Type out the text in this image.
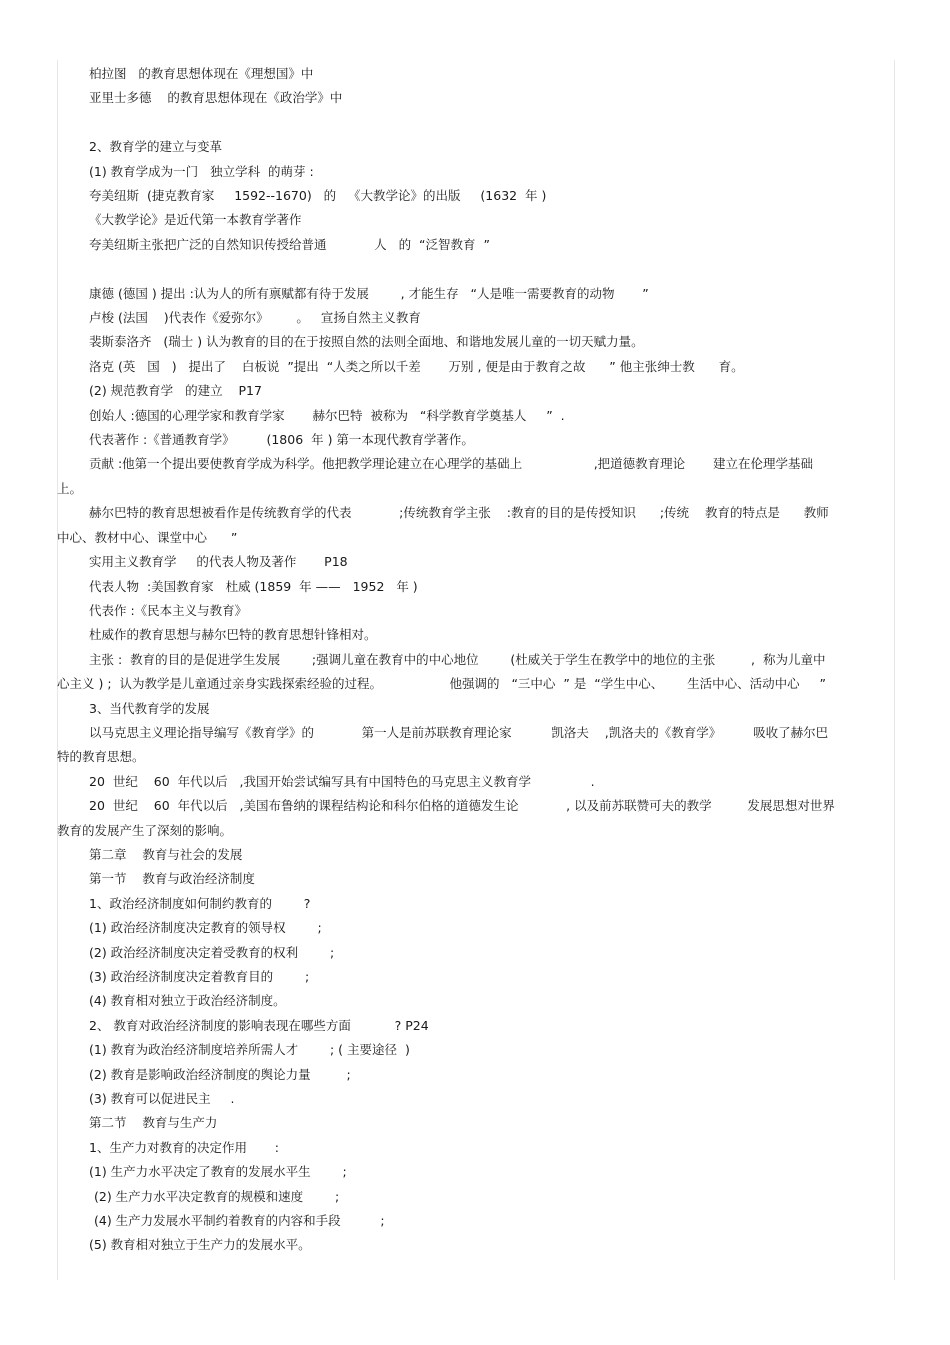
柏拉图   的教育思想体现在《理想国》中
亚里士多德    的教育思想体现在《政治学》中
2、教育学的建立与变革
(1) 教育学成为一门   独立学科  的萌芽 :
夸美纽斯  (捷克教育家     1592--1670)   的   《大教学论》的出版     (1632  年 )
《大教学论》是近代第一本教育学著作
夸美纽斯主张把广泛的自然知识传授给普通            人   的  “泛智教育  ”
康德 (德国 ) 提出 :认为人的所有禀赋都有待于发展        , 才能生存   “人是唯一需要教育的动物       ”
卢梭 (法国    )代表作《爱弥尔》       。   宣扬自然主义教育
裴斯泰洛齐   (瑞士 ) 认为教育的目的在于按照自然的法则全面地、和谐地发展儿童的一切天赋力量。
洛克 (英   国   )   提出了    白板说  ”提出  “人类之所以千差       万别 , 便是由于教育之故      ” 他主张绅士教      育。
(2) 规范教育学   的建立    P17
创始人 :德国的心理学家和教育学家       赫尔巴特  被称为   “科学教育学奠基人     ”  .
代表著作 :《普通教育学》        (1806  年 ) 第一本现代教育学著作。
贡献 :他第一个提出要使教育学成为科学。他把教学理论建立在心理学的基础上                  ,把道德教育理论       建立在伦理学基础
上。
赫尔巴特的教育思想被看作是传统教育学的代表            ;传统教育学主张    :教育的目的是传授知识      ;传统    教育的特点是      教师
中心、教材中心、课堂中心      ”
实用主义教育学     的代表人物及著作       P18
代表人物  :美国教育家   杜威 (1859  年 ——   1952   年 )
代表作 :《民本主义与教育》
杜威作的教育思想与赫尔巴特的教育思想针锋相对。
主张 :  教育的目的是促进学生发展        ;强调儿童在教育中的中心地位        (杜威关于学生在教学中的地位的主张         ,  称为儿童中
心主义 ) ;  认为教学是儿童通过亲身实践探索经验的过程。                 他强调的   “三中心  ” 是  “学生中心、      生活中心、活动中心     ”
3、当代教育学的发展
以马克思主义理论指导编写《教育学》的            第一人是前苏联教育理论家          凯洛夫    ,凯洛夫的《教育学》        吸收了赫尔巴
特的教育思想。
20  世纪    60  年代以后   ,我国开始尝试编写具有中国特色的马克思主义教育学               .
20  世纪    60  年代以后   ,美国布鲁纳的课程结构论和科尔伯格的道德发生论            , 以及前苏联赞可夫的教学         发展思想对世界
教育的发展产生了深刻的影响。
第二章    教育与社会的发展
第一节    教育与政治经济制度
1、政治经济制度如何制约教育的        ?
(1) 政治经济制度决定教育的领导权        ;
(2) 政治经济制度决定着受教育的权利        ;
(3) 政治经济制度决定着教育目的        ;
(4) 教育相对独立于政治经济制度。
2、 教育对政治经济制度的影响表现在哪些方面           ? P24
(1) 教育为政治经济制度培养所需人才        ; ( 主要途径  )
(2) 教育是影响政治经济制度的舆论力量         ;
(3) 教育可以促进民主     .
第二节    教育与生产力
1、生产力对教育的决定作用       :
(1) 生产力水平决定了教育的发展水平生        ;
(2) 生产力水平决定教育的规模和速度        ;
(4) 生产力发展水平制约着教育的内容和手段          ;
(5) 教育相对独立于生产力的发展水平。
